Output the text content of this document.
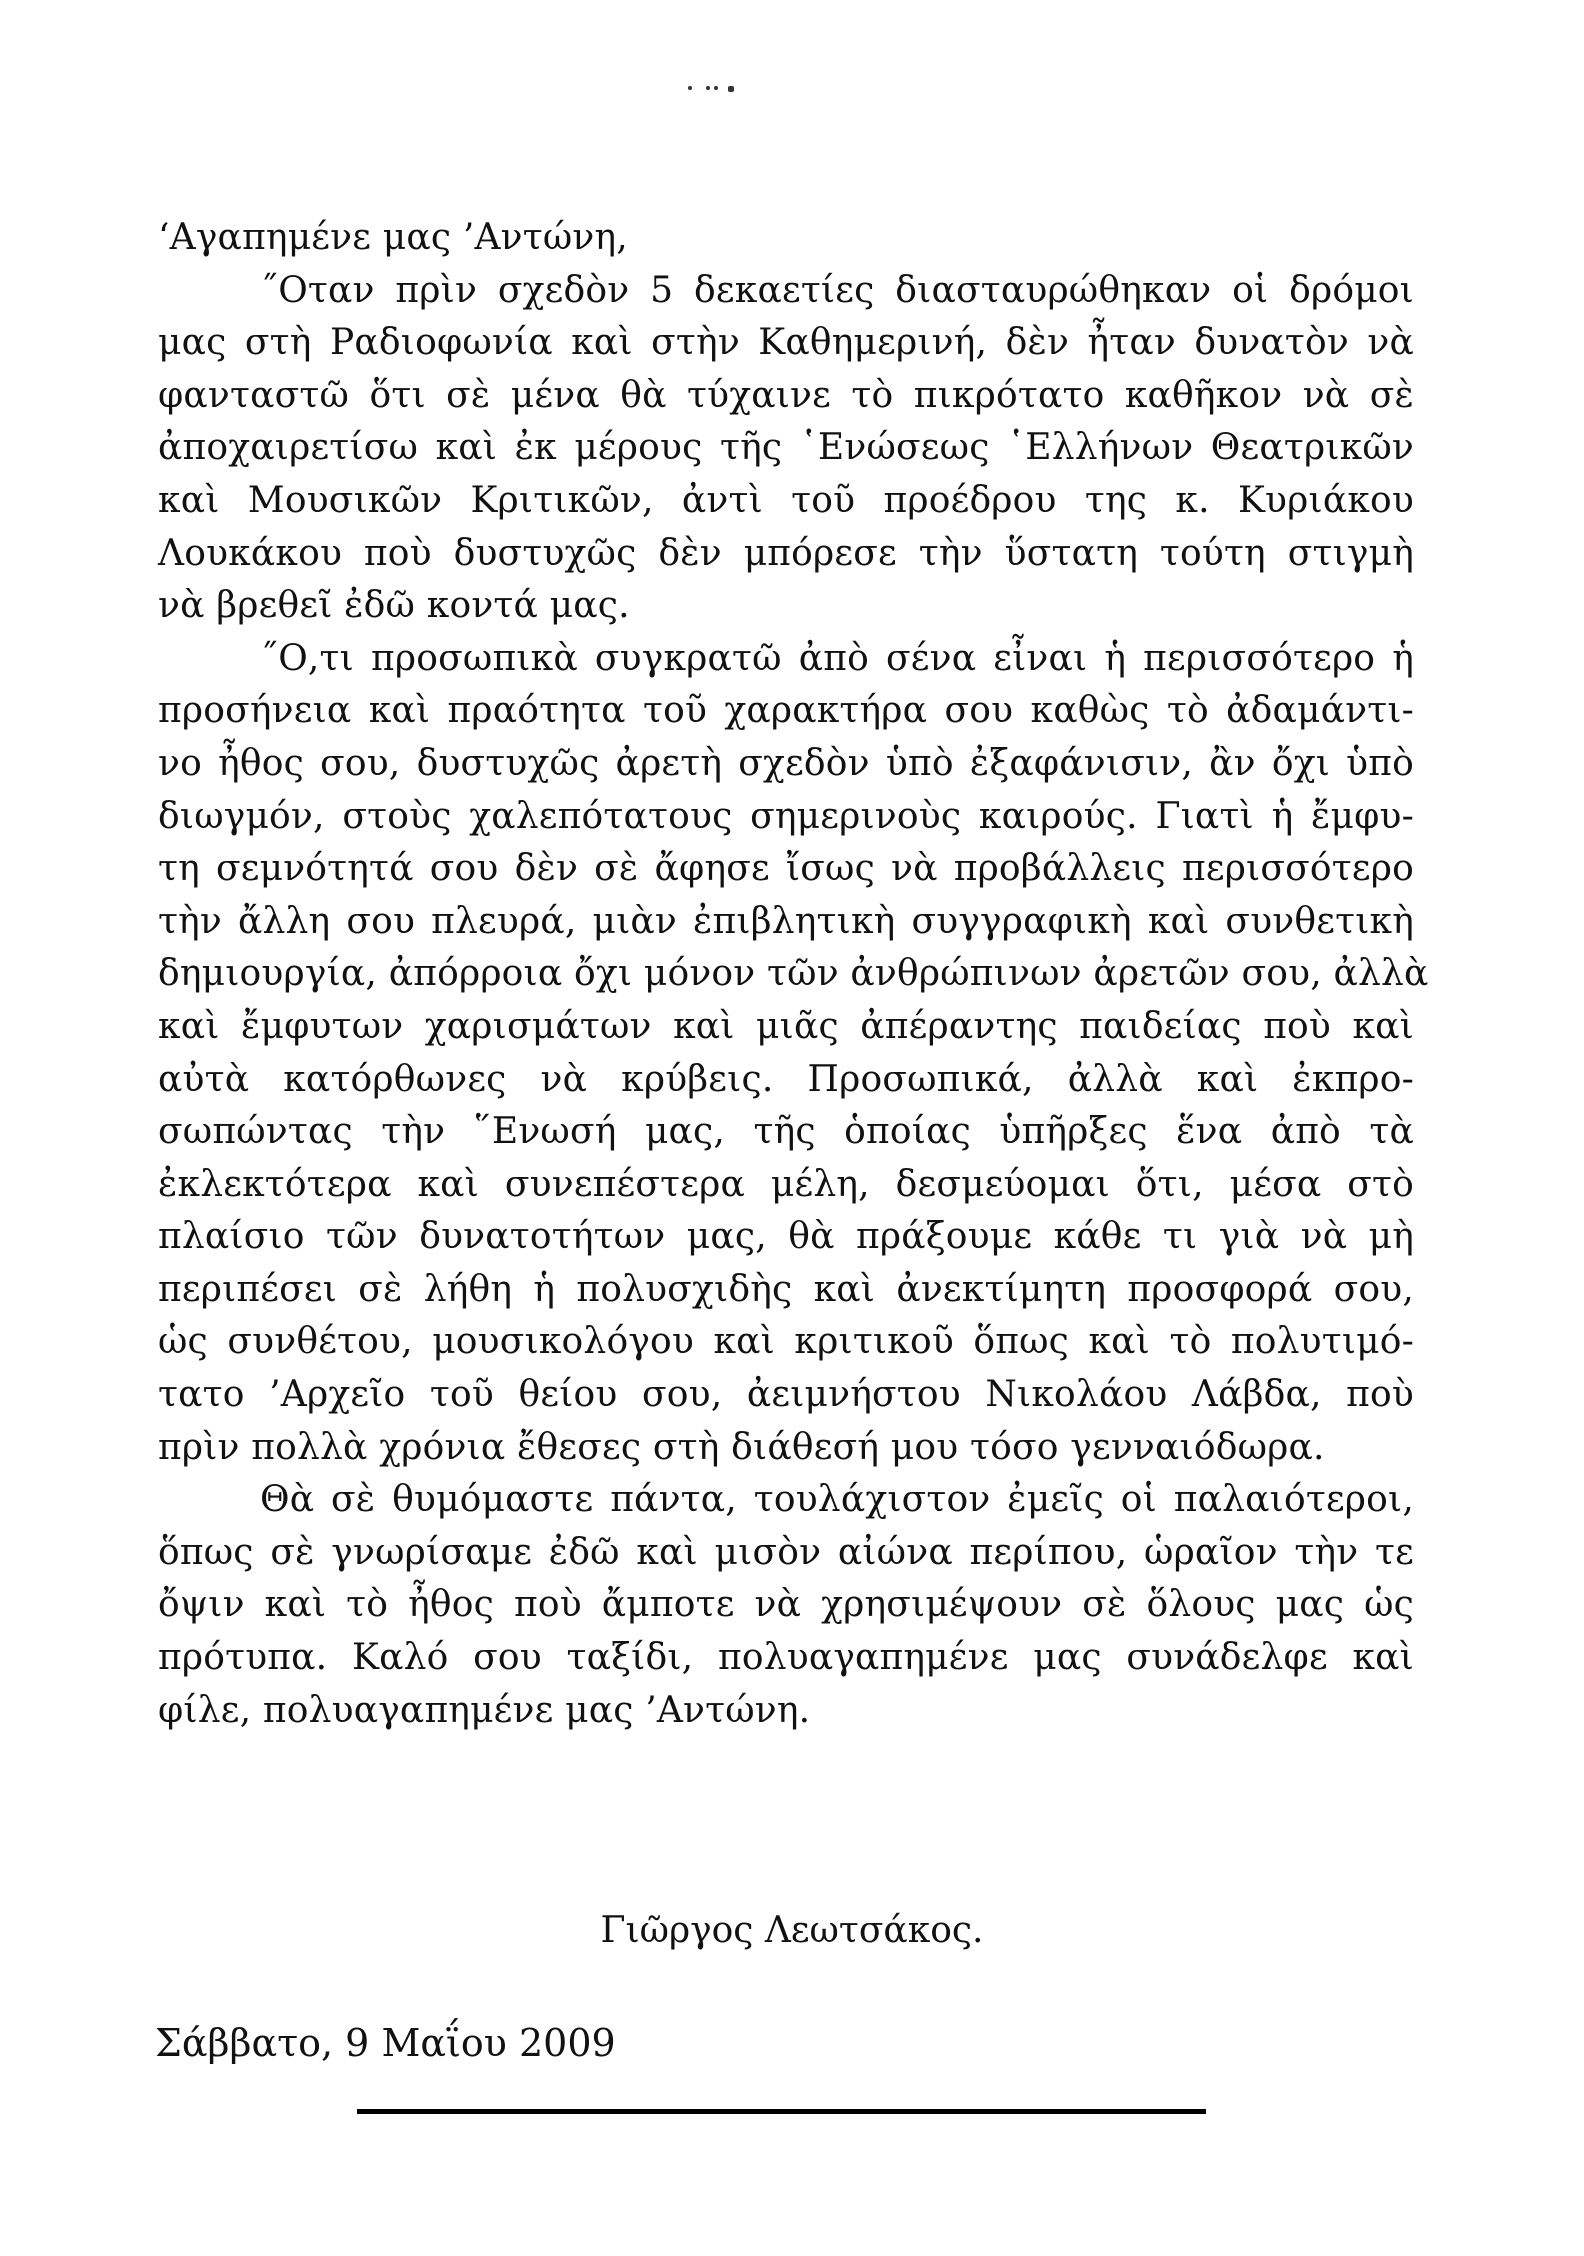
‘Αγαπημένε μας ’Αντώνη,
˝Οταν πρὶν σχεδὸν 5 δεκαετίες διασταυρώθηκαν οἱ δρόμοι
μας στὴ Ραδιοφωνία καὶ στὴν Καθημερινή, δὲν ἦταν δυνατὸν νὰ
φανταστῶ ὅτι σὲ μένα θὰ τύχαινε τὸ πικρότατο καθῆκον νὰ σὲ
ἀποχαιρετίσω καὶ ἐκ μέρους τῆς ῾Ενώσεως ῾Ελλήνων Θεατρικῶν
καὶ Μουσικῶν Κριτικῶν, ἀντὶ τοῦ προέδρου της κ. Κυριάκου
Λουκάκου ποὺ δυστυχῶς δὲν μπόρεσε τὴν ὕστατη τούτη στιγμὴ
νὰ βρεθεῖ ἐδῶ κοντά μας.
˝Ο,τι προσωπικὰ συγκρατῶ ἀπὸ σένα εἶναι ἡ περισσότερο ἡ
προσήνεια καὶ πραότητα τοῦ χαρακτήρα σου καθὼς τὸ ἀδαμάντι-
νο ἦθος σου, δυστυχῶς ἀρετὴ σχεδὸν ὑπὸ ἐξαφάνισιν, ἂν ὄχι ὑπὸ
διωγμόν, στοὺς χαλεπότατους σημερινοὺς καιρούς. Γιατὶ ἡ ἔμφυ-
τη σεμνότητά σου δὲν σὲ ἄφησε ἴσως νὰ προβάλλεις περισσότερο
τὴν ἄλλη σου πλευρά, μιὰν ἐπιβλητικὴ συγγραφικὴ καὶ συνθετικὴ
δημιουργία, ἀπόρροια ὄχι μόνον τῶν ἀνθρώπινων ἀρετῶν σου, ἀλλὰ
καὶ ἔμφυτων χαρισμάτων καὶ μιᾶς ἀπέραντης παιδείας ποὺ καὶ
αὐτὰ κατόρθωνες νὰ κρύβεις. Προσωπικά, ἀλλὰ καὶ ἐκπρο-
σωπώντας τὴν ῞Ενωσή μας, τῆς ὁποίας ὑπῆρξες ἕνα ἀπὸ τὰ
ἐκλεκτότερα καὶ συνεπέστερα μέλη, δεσμεύομαι ὅτι, μέσα στὸ
πλαίσιο τῶν δυνατοτήτων μας, θὰ πράξουμε κάθε τι γιὰ νὰ μὴ
περιπέσει σὲ λήθη ἡ πολυσχιδὴς καὶ ἀνεκτίμητη προσφορά σου,
ὡς συνθέτου, μουσικολόγου καὶ κριτικοῦ ὅπως καὶ τὸ πολυτιμό-
τατο ’Αρχεῖο τοῦ θείου σου, ἀειμνήστου Νικολάου Λάβδα, ποὺ
πρὶν πολλὰ χρόνια ἔθεσες στὴ διάθεσή μου τόσο γενναιόδωρα.
Θὰ σὲ θυμόμαστε πάντα, τουλάχιστον ἐμεῖς οἱ παλαιότεροι,
ὅπως σὲ γνωρίσαμε ἐδῶ καὶ μισὸν αἰώνα περίπου, ὡραῖον τὴν τε
ὄψιν καὶ τὸ ἦθος ποὺ ἄμποτε νὰ χρησιμέψουν σὲ ὅλους μας ὡς
πρότυπα. Καλό σου ταξίδι, πολυαγαπημένε μας συνάδελφε καὶ
φίλε, πολυαγαπημένε μας ’Αντώνη.
Γιῶργος Λεωτσάκος.
Σάββατο, 9 Μαΐου 2009
